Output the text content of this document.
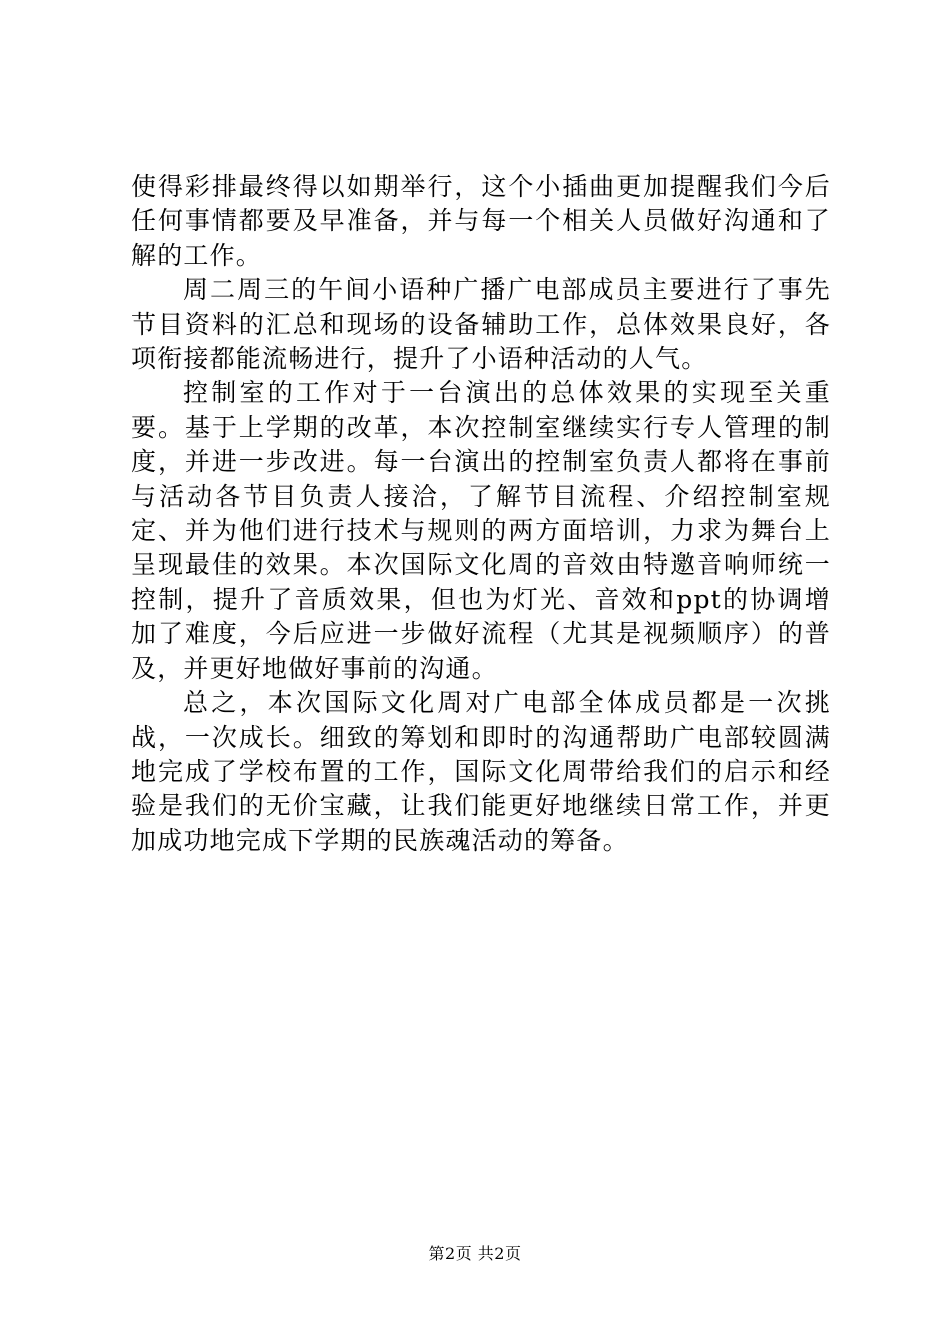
使得彩排最终得以如期举行，这个小插曲更加提醒我们今后任何事情都要及早准备，并与每一个相关人员做好沟通和了解的工作。

周二周三的午间小语种广播广电部成员主要进行了事先节目资料的汇总和现场的设备辅助工作，总体效果良好，各项衔接都能流畅进行，提升了小语种活动的人气。

控制室的工作对于一台演出的总体效果的实现至关重要。基于上学期的改革，本次控制室继续实行专人管理的制度，并进一步改进。每一台演出的控制室负责人都将在事前与活动各节目负责人接洽，了解节目流程、介绍控制室规定、并为他们进行技术与规则的两方面培训，力求为舞台上呈现最佳的效果。本次国际文化周的音效由特邀音响师统一控制，提升了音质效果，但也为灯光、音效和ppt的协调增加了难度，今后应进一步做好流程（尤其是视频顺序）的普及，并更好地做好事前的沟通。

总之，本次国际文化周对广电部全体成员都是一次挑战，一次成长。细致的筹划和即时的沟通帮助广电部较圆满地完成了学校布置的工作，国际文化周带给我们的启示和经验是我们的无价宝藏，让我们能更好地继续日常工作，并更加成功地完成下学期的民族魂活动的筹备。

第2页 共2页
